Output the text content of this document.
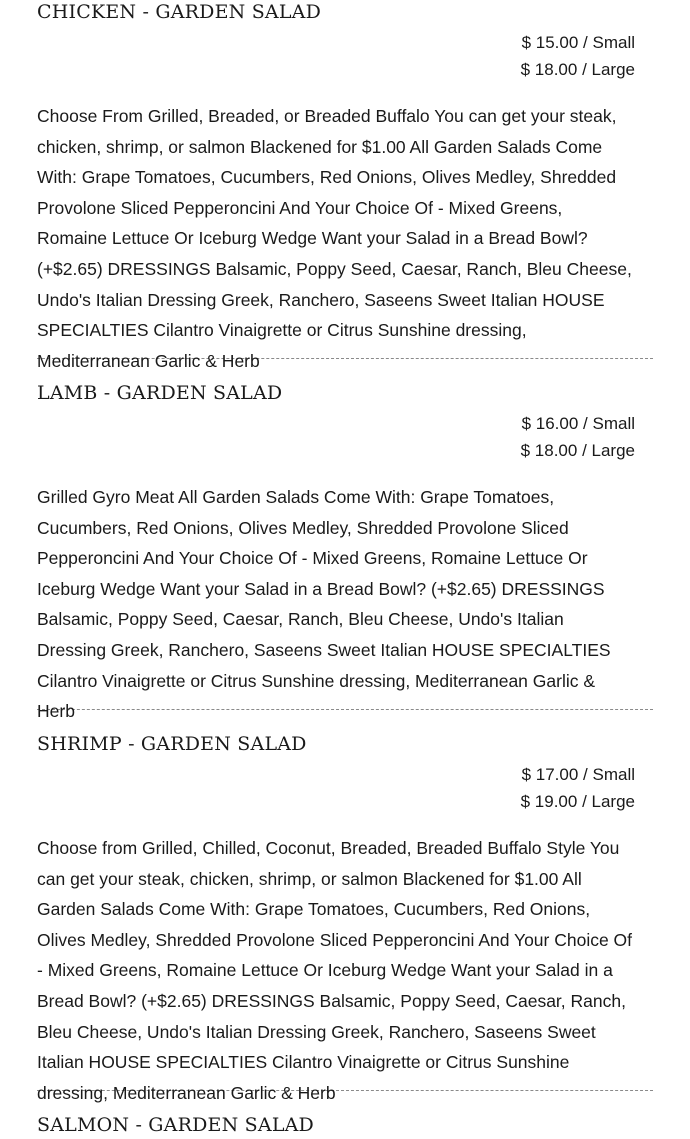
CHICKEN - GARDEN SALAD
$ 15.00 / Small
$ 18.00 / Large
Choose From Grilled, Breaded, or Breaded Buffalo You can get your steak, chicken, shrimp, or salmon Blackened for $1.00 All Garden Salads Come With: Grape Tomatoes, Cucumbers, Red Onions, Olives Medley, Shredded Provolone Sliced Pepperoncini And Your Choice Of - Mixed Greens, Romaine Lettuce Or Iceburg Wedge Want your Salad in a Bread Bowl? (+$2.65) DRESSINGS Balsamic, Poppy Seed, Caesar, Ranch, Bleu Cheese, Undo's Italian Dressing Greek, Ranchero, Saseens Sweet Italian HOUSE SPECIALTIES Cilantro Vinaigrette or Citrus Sunshine dressing, Mediterranean Garlic & Herb
LAMB - GARDEN SALAD
$ 16.00 / Small
$ 18.00 / Large
Grilled Gyro Meat All Garden Salads Come With: Grape Tomatoes, Cucumbers, Red Onions, Olives Medley, Shredded Provolone Sliced Pepperoncini And Your Choice Of - Mixed Greens, Romaine Lettuce Or Iceburg Wedge Want your Salad in a Bread Bowl? (+$2.65) DRESSINGS Balsamic, Poppy Seed, Caesar, Ranch, Bleu Cheese, Undo's Italian Dressing Greek, Ranchero, Saseens Sweet Italian HOUSE SPECIALTIES Cilantro Vinaigrette or Citrus Sunshine dressing, Mediterranean Garlic & Herb
SHRIMP - GARDEN SALAD
$ 17.00 / Small
$ 19.00 / Large
Choose from Grilled, Chilled, Coconut, Breaded, Breaded Buffalo Style You can get your steak, chicken, shrimp, or salmon Blackened for $1.00 All Garden Salads Come With: Grape Tomatoes, Cucumbers, Red Onions, Olives Medley, Shredded Provolone Sliced Pepperoncini And Your Choice Of - Mixed Greens, Romaine Lettuce Or Iceburg Wedge Want your Salad in a Bread Bowl? (+$2.65) DRESSINGS Balsamic, Poppy Seed, Caesar, Ranch, Bleu Cheese, Undo's Italian Dressing Greek, Ranchero, Saseens Sweet Italian HOUSE SPECIALTIES Cilantro Vinaigrette or Citrus Sunshine dressing, Mediterranean Garlic & Herb
SALMON - GARDEN SALAD
